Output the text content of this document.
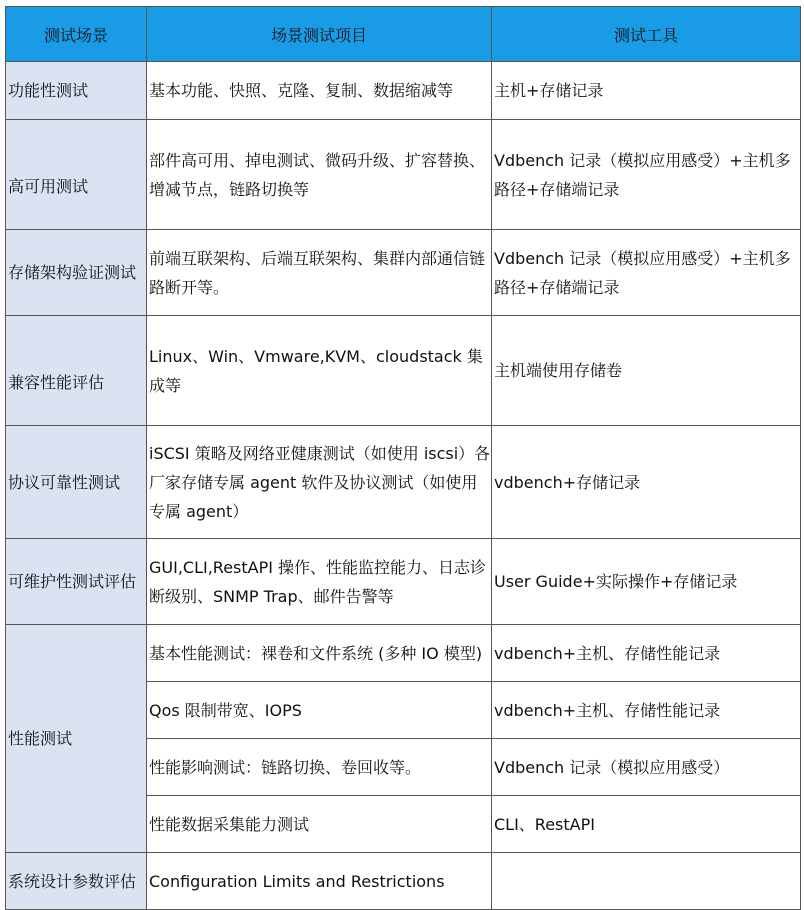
测试场景	场景测试项目	测试工具
功能性测试	基本功能、快照、克隆、复制、数据缩减等	主机+存储记录
高可用测试	部件高可用、掉电测试、微码升级、扩容替换、增减节点，链路切换等	Vdbench 记录（模拟应用感受）+主机多路径+存储端记录
存储架构验证测试	前端互联架构、后端互联架构、集群内部通信链路断开等。	Vdbench 记录（模拟应用感受）+主机多路径+存储端记录
兼容性能评估	Linux、Win、Vmware,KVM、cloudstack 集成等	主机端使用存储卷
协议可靠性测试	iSCSI 策略及网络亚健康测试（如使用 iscsi）各厂家存储专属 agent 软件及协议测试（如使用专属 agent）	vdbench+存储记录
可维护性测试评估	GUI,CLI,RestAPI 操作、性能监控能力、日志诊断级别、SNMP Trap、邮件告警等	User Guide+实际操作+存储记录
性能测试	基本性能测试：裸卷和文件系统 (多种 IO 模型)	vdbench+主机、存储性能记录
	Qos 限制带宽、IOPS	vdbench+主机、存储性能记录
	性能影响测试：链路切换、卷回收等。	Vdbench 记录（模拟应用感受）
	性能数据采集能力测试	CLI、RestAPI
系统设计参数评估	Configuration Limits and Restrictions	
